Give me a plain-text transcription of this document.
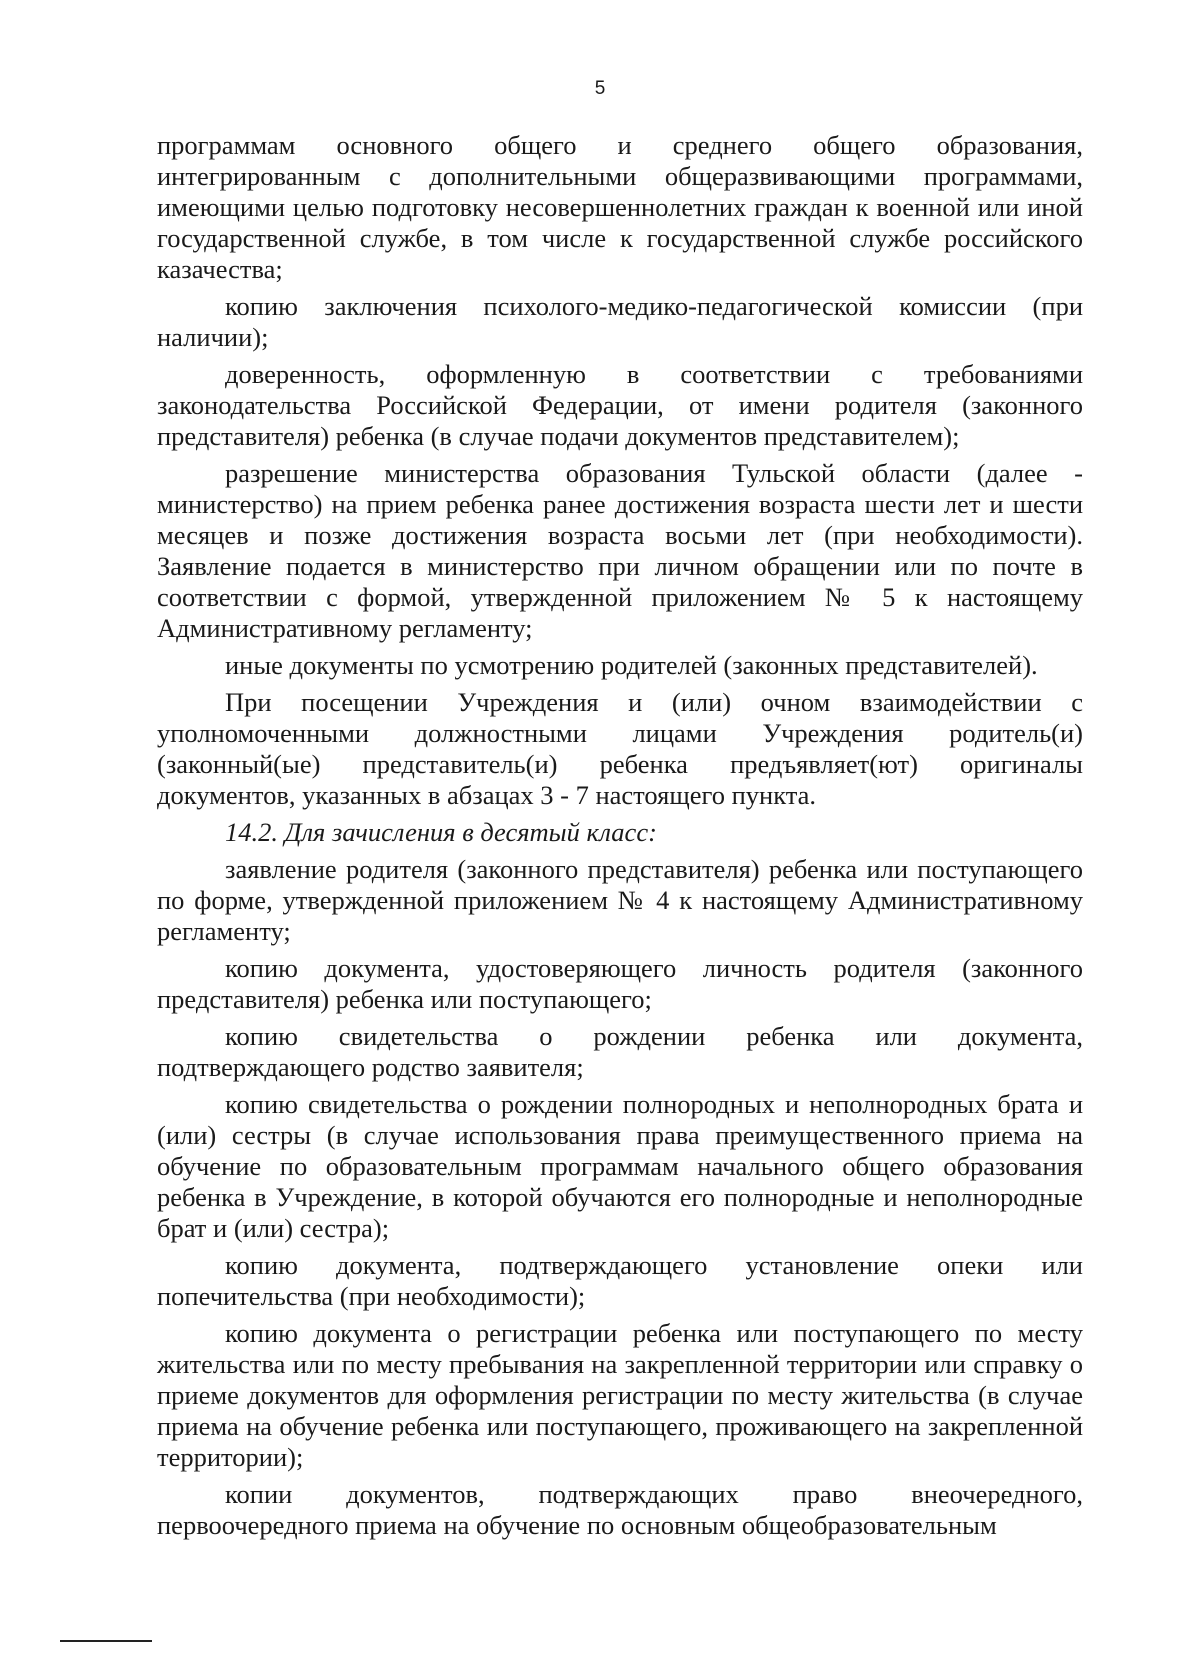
5

программам основного общего и среднего общего образования, интегрированным с дополнительными общеразвивающими программами, имеющими целью подготовку несовершеннолетних граждан к военной или иной государственной службе, в том числе к государственной службе российского казачества;

копию заключения психолого-медико-педагогической комиссии (при наличии);

доверенность, оформленную в соответствии с требованиями законодательства Российской Федерации, от имени родителя (законного представителя) ребенка (в случае подачи документов представителем);

разрешение министерства образования Тульской области (далее - министерство) на прием ребенка ранее достижения возраста шести лет и шести месяцев и позже достижения возраста восьми лет (при необходимости). Заявление подается в министерство при личном обращении или по почте в соответствии с формой, утвержденной приложением № 5 к настоящему Административному регламенту;

иные документы по усмотрению родителей (законных представителей).

При посещении Учреждения и (или) очном взаимодействии с уполномоченными должностными лицами Учреждения родитель(и) (законный(ые) представитель(и) ребенка предъявляет(ют) оригиналы документов, указанных в абзацах 3 - 7 настоящего пункта.

14.2. Для зачисления в десятый класс:

заявление родителя (законного представителя) ребенка или поступающего по форме, утвержденной приложением № 4 к настоящему Административному регламенту;

копию документа, удостоверяющего личность родителя (законного представителя) ребенка или поступающего;

копию свидетельства о рождении ребенка или документа, подтверждающего родство заявителя;

копию свидетельства о рождении полнородных и неполнородных брата и (или) сестры (в случае использования права преимущественного приема на обучение по образовательным программам начального общего образования ребенка в Учреждение, в которой обучаются его полнородные и неполнородные брат и (или) сестра);

копию документа, подтверждающего установление опеки или попечительства (при необходимости);

копию документа о регистрации ребенка или поступающего по месту жительства или по месту пребывания на закрепленной территории или справку о приеме документов для оформления регистрации по месту жительства (в случае приема на обучение ребенка или поступающего, проживающего на закрепленной территории);

копии документов, подтверждающих право внеочередного, первоочередного приема на обучение по основным общеобразовательным
